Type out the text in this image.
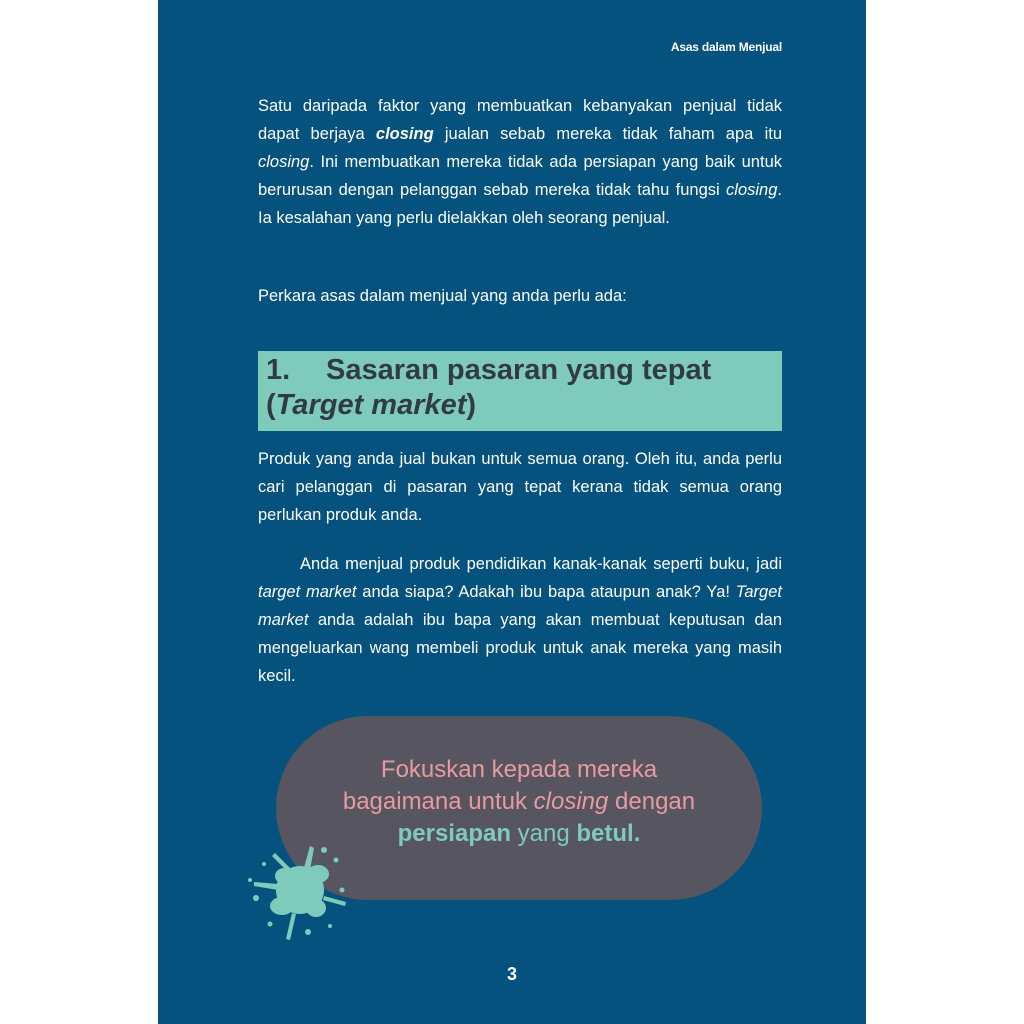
Asas dalam Menjual

Satu daripada faktor yang membuatkan kebanyakan penjual tidak dapat berjaya closing jualan sebab mereka tidak faham apa itu closing. Ini membuatkan mereka tidak ada persiapan yang baik untuk berurusan dengan pelanggan sebab mereka tidak tahu fungsi closing. Ia kesalahan yang perlu dielakkan oleh seorang penjual.

Perkara asas dalam menjual yang anda perlu ada:

1. Sasaran pasaran yang tepat
(Target market)

Produk yang anda jual bukan untuk semua orang. Oleh itu, anda perlu cari pelanggan di pasaran yang tepat kerana tidak semua orang perlukan produk anda.

Anda menjual produk pendidikan kanak-kanak seperti buku, jadi target market anda siapa? Adakah ibu bapa ataupun anak? Ya! Target market anda adalah ibu bapa yang akan membuat keputusan dan mengeluarkan wang membeli produk untuk anak mereka yang masih kecil.

Fokuskan kepada mereka
bagaimana untuk closing dengan
persiapan yang betul.
3
